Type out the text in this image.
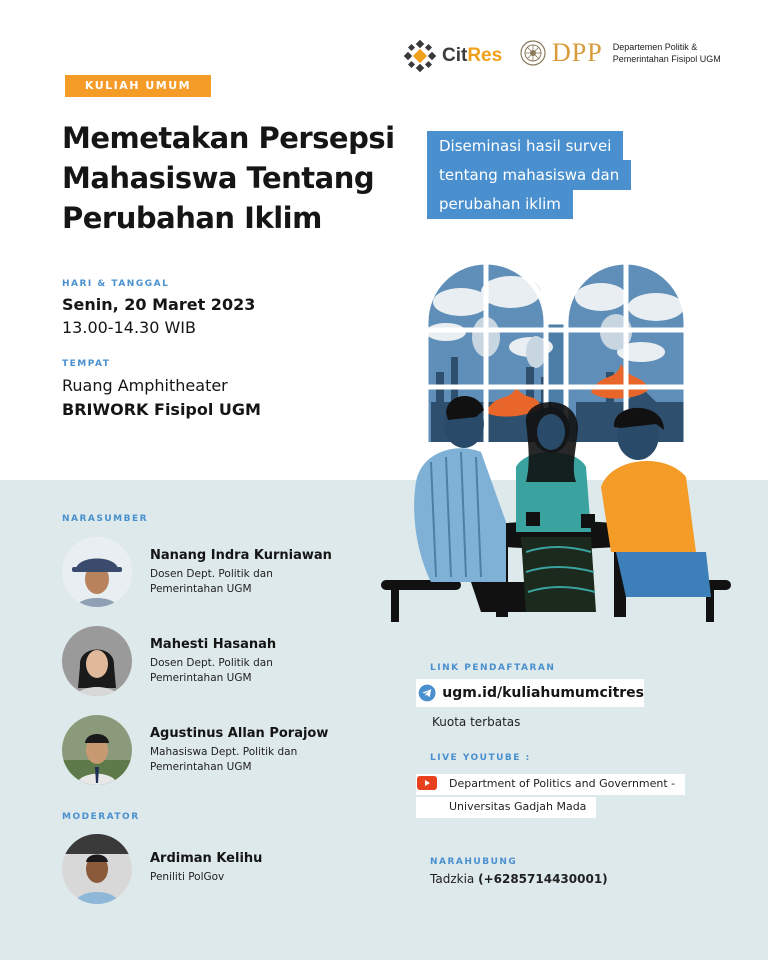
CitRes DPP Departemen Politik &
Pemerintahan Fisipol UGM
KULIAH UMUM
Memetakan Persepsi
Mahasiswa Tentang
Perubahan Iklim
Diseminasi hasil survei
tentang mahasiswa dan
perubahan iklim
HARI & TANGGAL
Senin, 20 Maret 2023
13.00-14.30 WIB
TEMPAT
Ruang Amphitheater
BRIWORK Fisipol UGM
NARASUMBER
Nanang Indra Kurniawan
Dosen Dept. Politik dan
Pemerintahan UGM
Mahesti Hasanah
Dosen Dept. Politik dan
Pemerintahan UGM
Agustinus Allan Porajow
Mahasiswa Dept. Politik dan
Pemerintahan UGM
MODERATOR
Ardiman Kelihu
Peniliti PolGov
LINK PENDAFTARAN
ugm.id/kuliahumumcitres
Kuota terbatas
LIVE YOUTUBE :
Department of Politics and Government -
Universitas Gadjah Mada
NARAHUBUNG
Tadzkia (+6285714430001)
